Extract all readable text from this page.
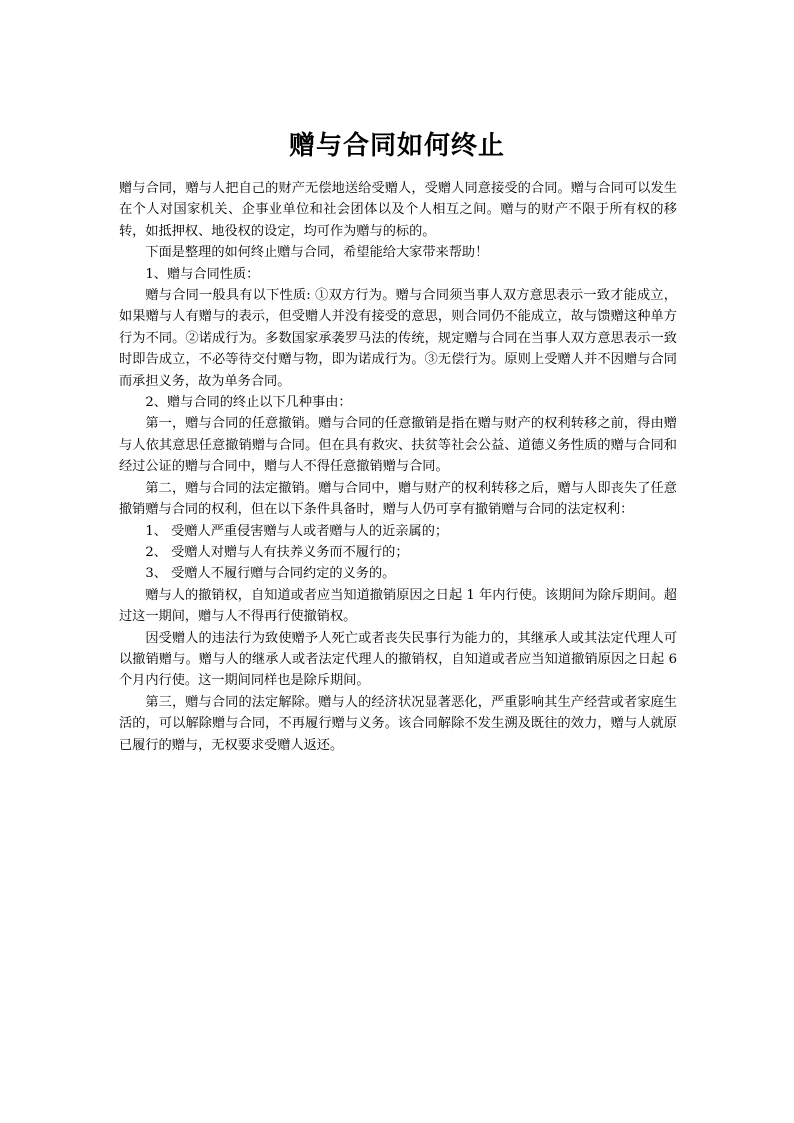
赠与合同如何终止

赠与合同，赠与人把自己的财产无偿地送给受赠人，受赠人同意接受的合同。赠与合同可以发生在个人对国家机关、企事业单位和社会团体以及个人相互之间。赠与的财产不限于所有权的移转，如抵押权、地役权的设定，均可作为赠与的标的。

下面是整理的如何终止赠与合同，希望能给大家带来帮助！

1、赠与合同性质：

赠与合同一般具有以下性质: ①双方行为。赠与合同须当事人双方意思表示一致才能成立，如果赠与人有赠与的表示，但受赠人并没有接受的意思，则合同仍不能成立，故与馈赠这种单方行为不同。②诺成行为。多数国家承袭罗马法的传统，规定赠与合同在当事人双方意思表示一致时即告成立，不必等待交付赠与物，即为诺成行为。③无偿行为。原则上受赠人并不因赠与合同而承担义务，故为单务合同。

2、赠与合同的终止以下几种事由：

第一，赠与合同的任意撤销。赠与合同的任意撤销是指在赠与财产的权利转移之前，得由赠与人依其意思任意撤销赠与合同。但在具有救灾、扶贫等社会公益、道德义务性质的赠与合同和经过公证的赠与合同中，赠与人不得任意撤销赠与合同。

第二，赠与合同的法定撤销。赠与合同中，赠与财产的权利转移之后，赠与人即丧失了任意撤销赠与合同的权利，但在以下条件具备时，赠与人仍可享有撤销赠与合同的法定权利：

1、 受赠人严重侵害赠与人或者赠与人的近亲属的；

2、 受赠人对赠与人有扶养义务而不履行的；

3、 受赠人不履行赠与合同约定的义务的。

赠与人的撤销权，自知道或者应当知道撤销原因之日起 1 年内行使。该期间为除斥期间。超过这一期间，赠与人不得再行使撤销权。

因受赠人的违法行为致使赠予人死亡或者丧失民事行为能力的，其继承人或其法定代理人可以撤销赠与。赠与人的继承人或者法定代理人的撤销权，自知道或者应当知道撤销原因之日起 6 个月内行使。这一期间同样也是除斥期间。

第三，赠与合同的法定解除。赠与人的经济状况显著恶化，严重影响其生产经营或者家庭生活的，可以解除赠与合同，不再履行赠与义务。该合同解除不发生溯及既往的效力，赠与人就原已履行的赠与，无权要求受赠人返还。
